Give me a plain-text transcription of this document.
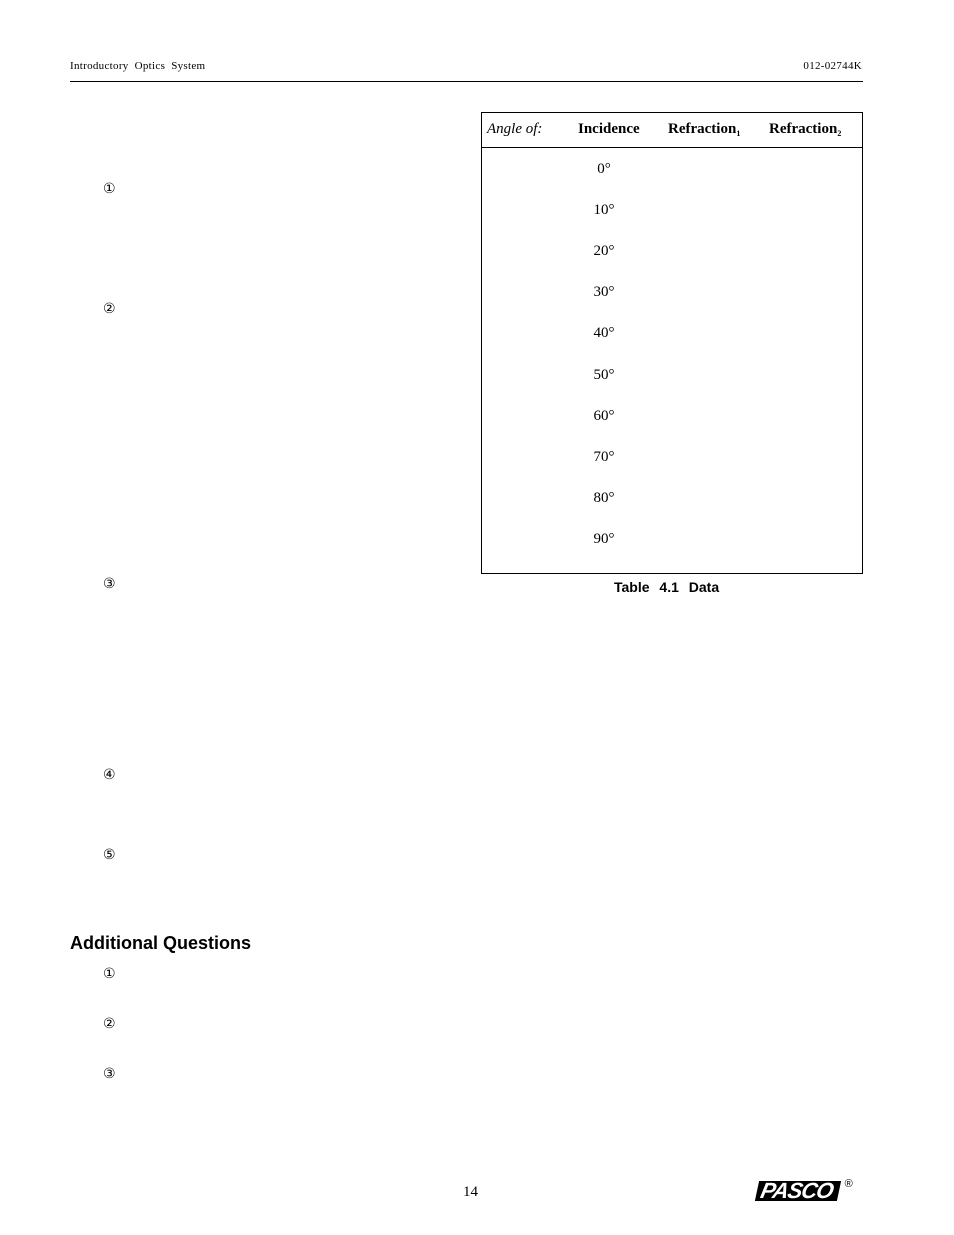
Introductory Optics System	012-02744K
①
②
③
④
⑤
Angle of: Incidence Refraction$_1$ Refraction$_2$
0°
10°
20°
30°
40°
50°
60°
70°
80°
90°
Table 4.1 Data
Additional Questions
①
②
③
14	PASCO ®
